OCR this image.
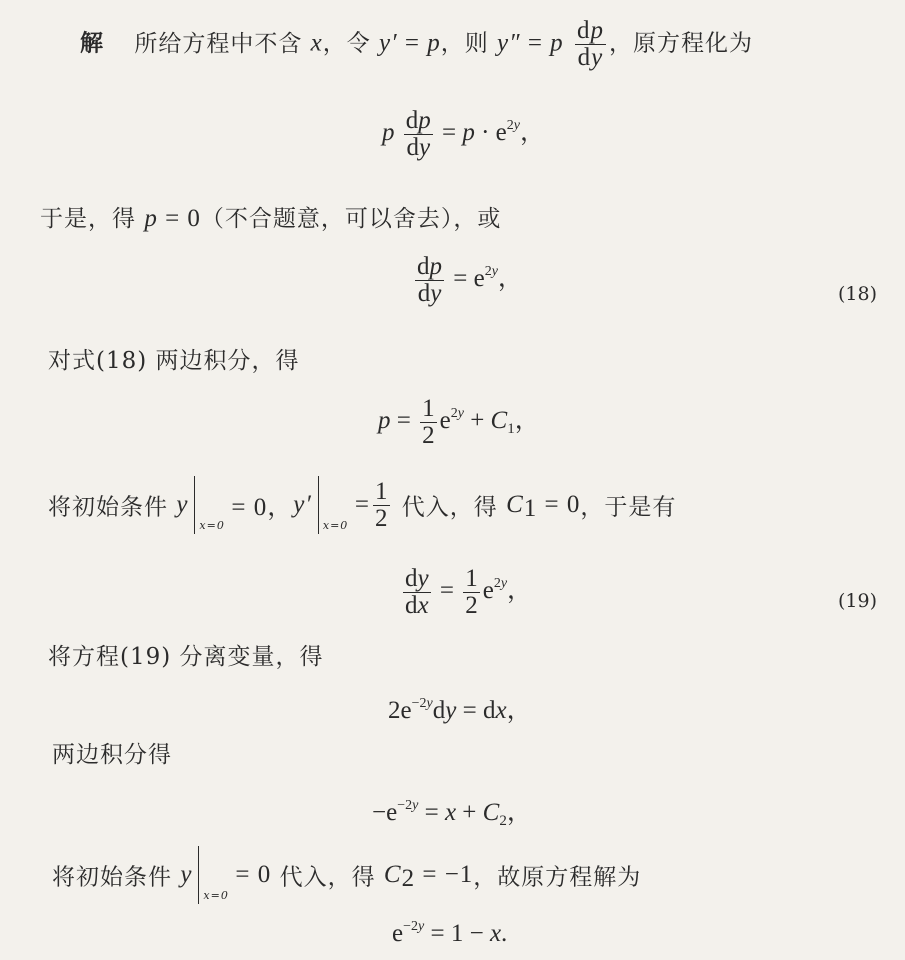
解 所给方程中不含 x，令 y′ = p，则 y″ = p $\frac{dp}{dy}$ ，原方程化为
p $\frac{dp}{dy} = p \cdot e^{2y}$，
于是，得 p = 0（不合题意，可以舍去），或
$\frac{dp}{dy} = e^{2y}$，
(18)
对式(18) 两边积分，得
$p = \frac{1}{2} e^{2y} + C_1$，
将初始条件 y
x=0
= 0，y′
x=0
= $\frac{1}{2}$ 代入，得 $C_1 = 0$，于是有
$\frac{dy}{dx} = \frac{1}{2} e^{2y}$，	(19)
将方程(19) 分离变量，得
$2e^{-2y}dy$ = dx，
两边积分得
$-e^{-2y} = x + C_2$，
将初始条件 y
x=0
= 0 代入，得 $C_2 = -1$，故原方程解为
$e^{-2y} = 1 - x$.
